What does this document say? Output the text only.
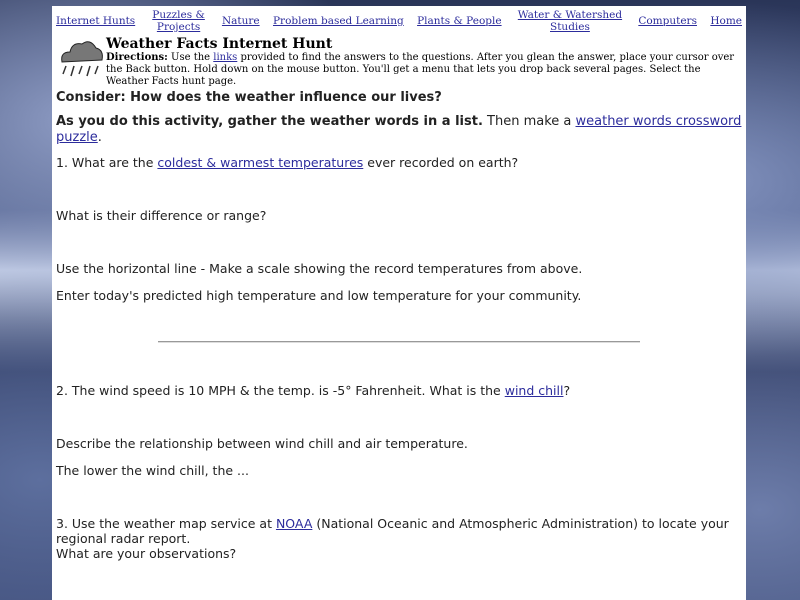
Internet Hunts	Puzzles & Projects	Nature Problem based Learning Plants & People Water & Watershed Studies	Computers Home
Weather Facts Internet Hunt
Directions: Use the links provided to find the answers to the questions. After you glean the answer, place your cursor over the Back button. Hold down on the mouse button. You'll get a menu that lets you drop back several pages. Select the Weather Facts hunt page.

Consider: How does the weather influence our lives?

As you do this activity, gather the weather words in a list. Then make a weather words crossword puzzle.

1. What are the coldest & warmest temperatures ever recorded on earth?

What is their difference or range?

Use the horizontal line - Make a scale showing the record temperatures from above.

Enter today's predicted high temperature and low temperature for your community.

2. The wind speed is 10 MPH & the temp. is -5° Fahrenheit. What is the wind chill?

Describe the relationship between wind chill and air temperature.

The lower the wind chill, the ...

3. Use the weather map service at NOAA (National Oceanic and Atmospheric Administration) to locate your regional radar report.
What are your observations?
